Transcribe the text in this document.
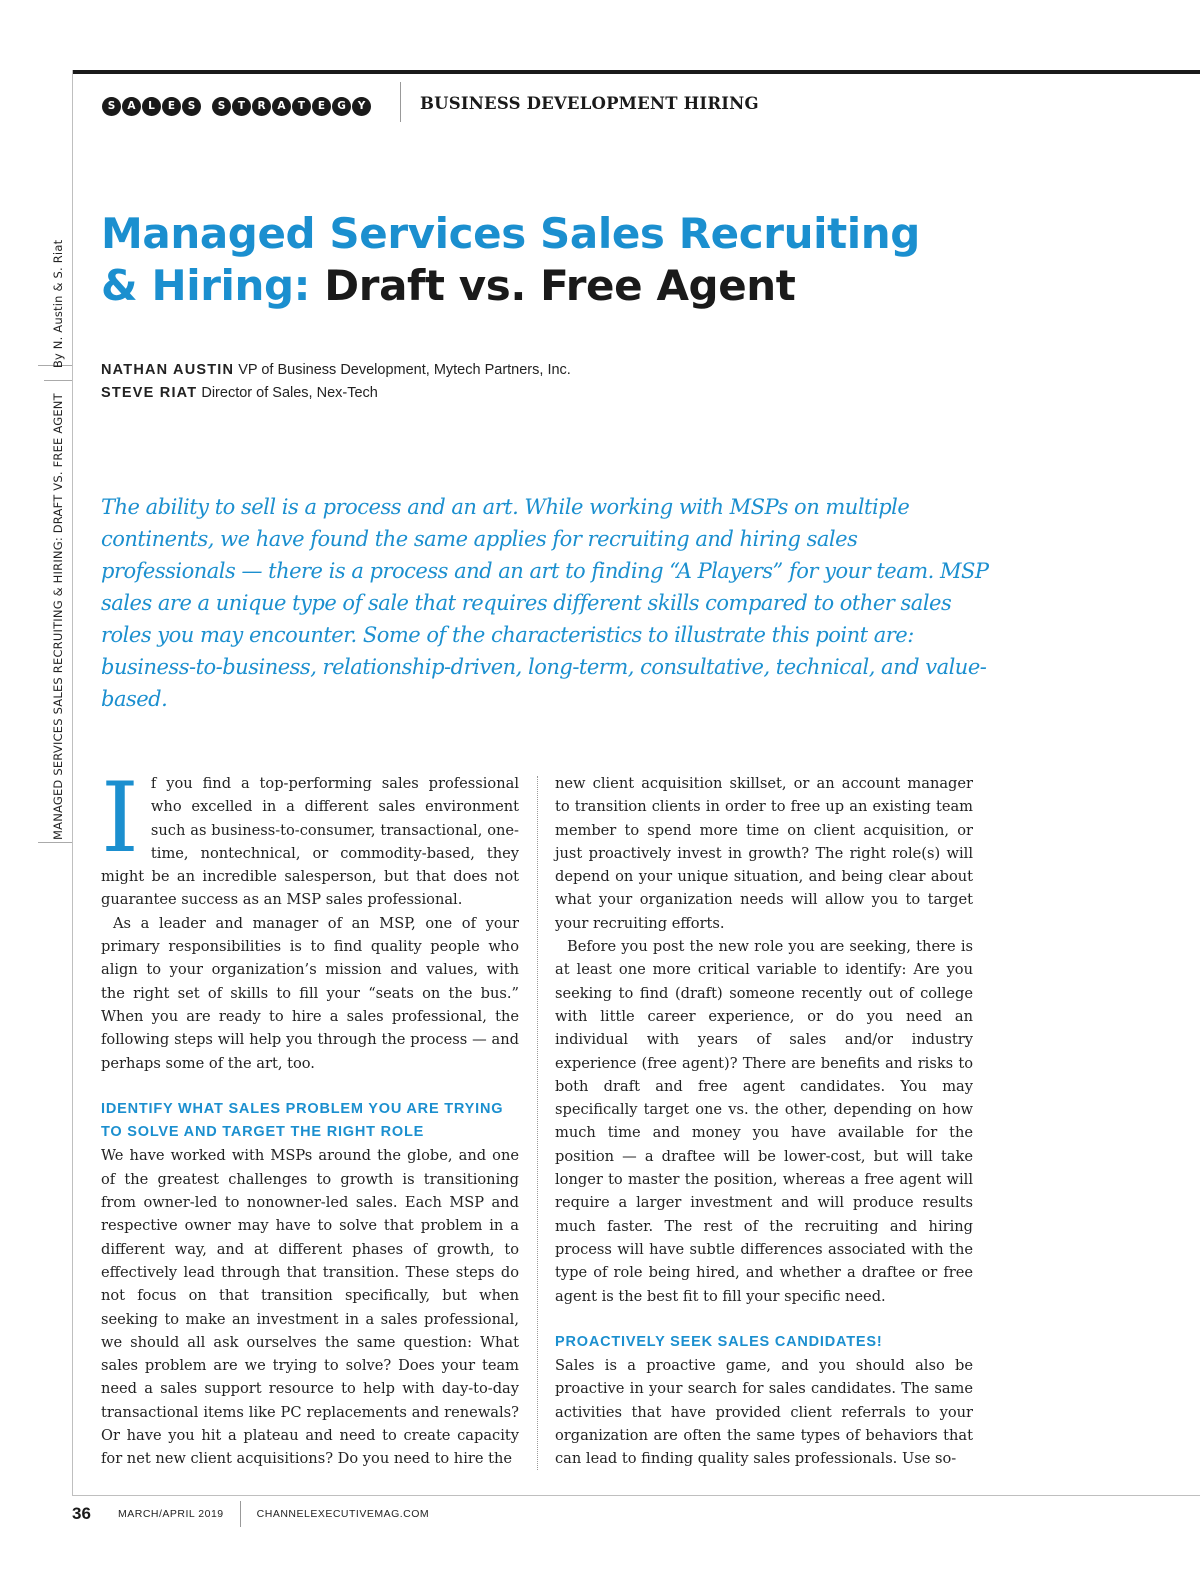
MANAGED SERVICES SALES RECRUITING & HIRING: DRAFT VS. FREE AGENT
By N. Austin & S. Riat
S	A	L	E	S	S	T	R	A	T	E	G	Y	BUSINESS DEVELOPMENT HIRING
Managed Services Sales Recruiting
& Hiring: Draft vs. Free Agent
NATHAN AUSTIN VP of Business Development, Mytech Partners, Inc.
STEVE RIAT Director of Sales, Nex-Tech

The ability to sell is a process and an art. While working with MSPs on multiple continents, we have found the same applies for recruiting and hiring sales professionals — there is a process and an art to finding “A Players” for your team. MSP sales are a unique type of sale that requires different skills compared to other sales roles you may encounter. Some of the characteristics to illustrate this point are: business-to-business, relationship-driven, long-term, consultative, technical, and value-based.

If you find a top-performing sales professional who excelled in a different sales environment such as business-to-consumer, transactional, one-time, nontechnical, or commodity-based, they might be an incredible salesperson, but that does not guarantee success as an MSP sales professional.

As a leader and manager of an MSP, one of your primary responsibilities is to find quality people who align to your organization’s mission and values, with the right set of skills to fill your “seats on the bus.” When you are ready to hire a sales professional, the following steps will help you through the process — and perhaps some of the art, too.

IDENTIFY WHAT SALES PROBLEM YOU ARE TRYING TO SOLVE AND TARGET THE RIGHT ROLE

We have worked with MSPs around the globe, and one of the greatest challenges to growth is transitioning from owner-led to nonowner-led sales. Each MSP and respective owner may have to solve that problem in a different way, and at different phases of growth, to effectively lead through that transition. These steps do not focus on that transition specifically, but when seeking to make an investment in a sales professional, we should all ask ourselves the same question: What sales problem are we trying to solve? Does your team need a sales support resource to help with day-to-day transactional items like PC replacements and renewals? Or have you hit a plateau and need to create capacity for net new client acquisitions? Do you need to hire the

new client acquisition skillset, or an account manager to transition clients in order to free up an existing team member to spend more time on client acquisition, or just proactively invest in growth? The right role(s) will depend on your unique situation, and being clear about what your organization needs will allow you to target your recruiting efforts.

Before you post the new role you are seeking, there is at least one more critical variable to identify: Are you seeking to find (draft) someone recently out of college with little career experience, or do you need an individual with years of sales and/or industry experience (free agent)? There are benefits and risks to both draft and free agent candidates. You may specifically target one vs. the other, depending on how much time and money you have available for the position — a draftee will be lower-cost, but will take longer to master the position, whereas a free agent will require a larger investment and will produce results much faster. The rest of the recruiting and hiring process will have subtle differences associated with the type of role being hired, and whether a draftee or free agent is the best fit to fill your specific need.

PROACTIVELY SEEK SALES CANDIDATES!

Sales is a proactive game, and you should also be proactive in your search for sales candidates. The same activities that have provided client referrals to your organization are often the same types of behaviors that can lead to finding quality sales professionals. Use so-

36	MARCH/APRIL 2019	CHANNELEXECUTIVEMAG.COM
